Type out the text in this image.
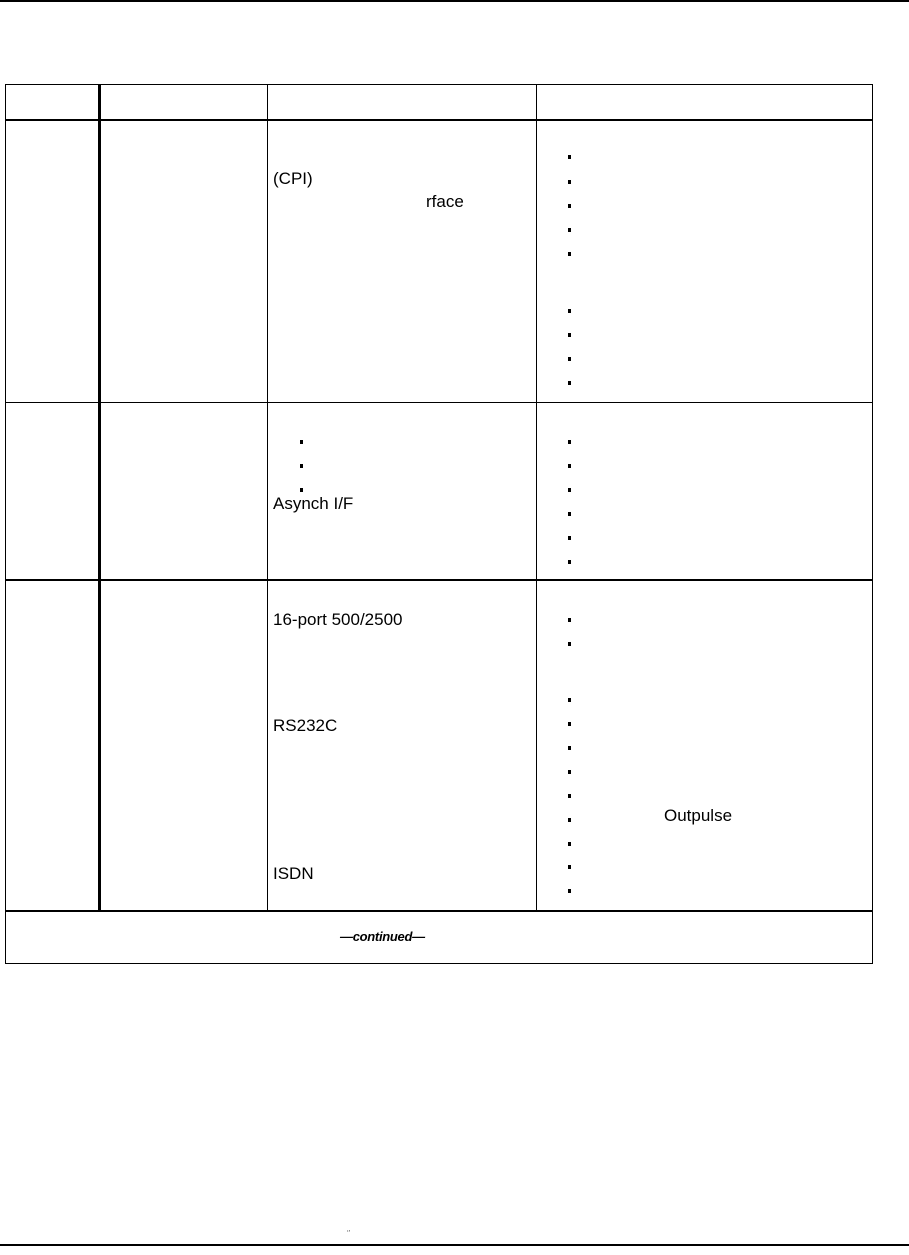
(CPI)
rface
Asynch I/F
16-port 500/2500
RS232C
ISDN
Outpulse
—continued—
‘’
